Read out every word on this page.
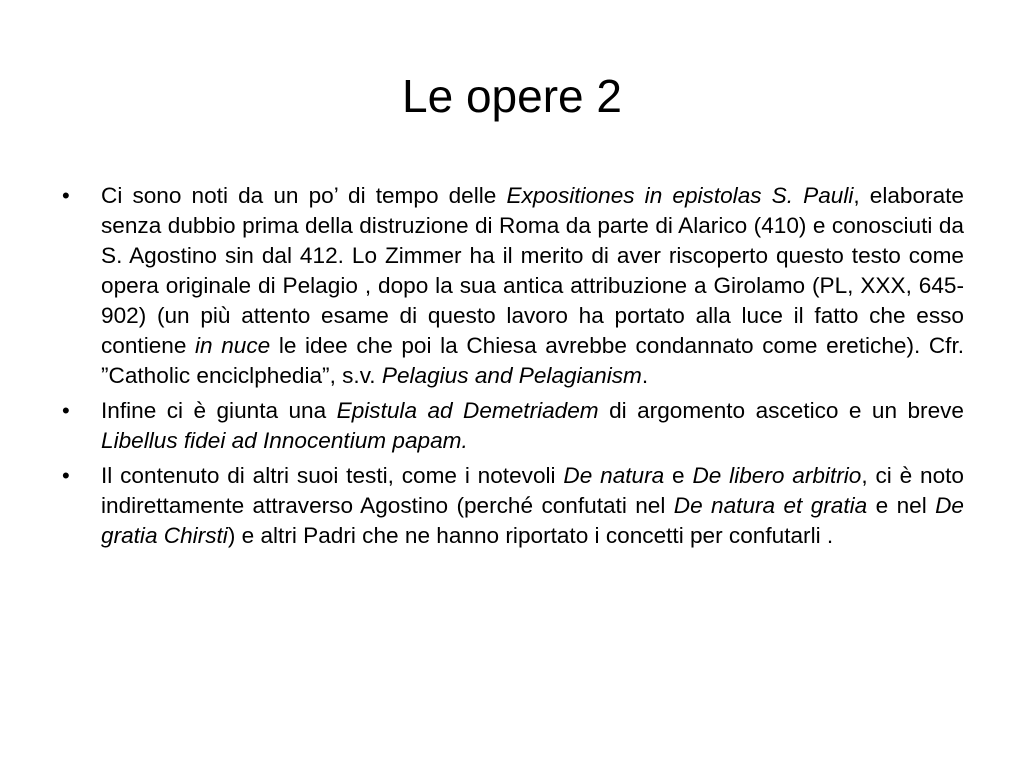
Le opere 2
•	Ci sono noti da un po’ di tempo delle Expositiones in epistolas S. Pauli, elaborate senza dubbio prima della distruzione di Roma da parte di Alarico (410) e conosciuti da S. Agostino sin dal 412. Lo Zimmer ha il merito di aver riscoperto questo testo come opera originale di Pelagio , dopo la sua antica attribuzione a Girolamo (PL, XXX, 645-902) (un più attento esame di questo lavoro ha portato alla luce il fatto che esso contiene in nuce le idee che poi la Chiesa avrebbe condannato come eretiche). Cfr. ”Catholic enciclphedia”, s.v. Pelagius and Pelagianism.
•	Infine ci è giunta una Epistula ad Demetriadem di argomento ascetico e un breve Libellus fidei ad Innocentium papam.
•	Il contenuto di altri suoi testi, come i notevoli De natura e De libero arbitrio, ci è noto indirettamente attraverso Agostino (perché confutati nel De natura et gratia e nel De gratia Chirsti) e altri Padri che ne hanno riportato i concetti per confutarli .
